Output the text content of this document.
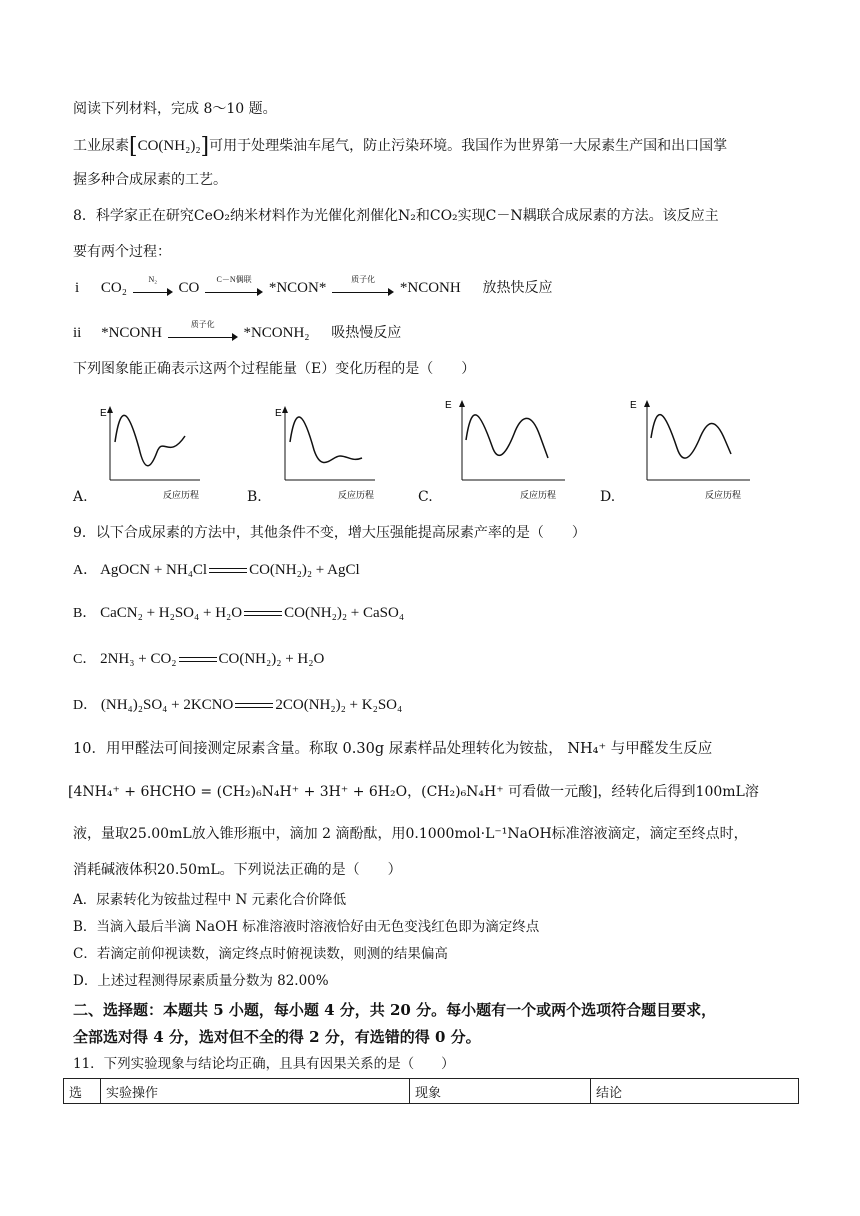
阅读下列材料，完成 8～10 题。
工业尿素[CO(NH₂)₂]可用于处理柴油车尾气，防止污染环境。我国作为世界第一大尿素生产国和出口国掌
握多种合成尿素的工艺。
8．科学家正在研究CeO₂纳米材料作为光催化剂催化N₂和CO₂实现C－N耦联合成尿素的方法。该反应主
要有两个过程：
i CO₂
N₂
CO
C－N偶联
*NCON*
质子化
*NCONH 放热快反应
ii *NCONH
质子化
*NCONH₂ 吸热慢反应
下列图象能正确表示这两个过程能量（E）变化历程的是（　　）
A.
E
反应历程	B.
E
反应历程	C.
E
反应历程	D.
E
反应历程
9．以下合成尿素的方法中，其他条件不变，增大压强能提高尿素产率的是（　　）
A． AgOCN + NH₄Cl	CO(NH₂)₂ + AgCl
B． CaCN₂ + H₂SO₄ + H₂O	CO(NH₂)₂ + CaSO₄
C． 2NH₃ + CO₂	CO(NH₂)₂ + H₂O
D． (NH₄)₂SO₄ + 2KCNO	2CO(NH₂)₂ + K₂SO₄
10．用甲醛法可间接测定尿素含量。称取 0.30g 尿素样品处理转化为铵盐， NH₄⁺ 与甲醛发生反应
[4NH₄⁺ + 6HCHO = (CH₂)₆N₄H⁺ + 3H⁺ + 6H₂O，(CH₂)₆N₄H⁺ 可看做一元酸]，经转化后得到100mL溶
液，量取25.00mL放入锥形瓶中，滴加 2 滴酚酞，用0.1000mol·L⁻¹NaOH标准溶液滴定，滴定至终点时，
消耗碱液体积20.50mL。下列说法正确的是（　　）
A．尿素转化为铵盐过程中 N 元素化合价降低
B．当滴入最后半滴 NaOH 标准溶液时溶液恰好由无色变浅红色即为滴定终点
C．若滴定前仰视读数，滴定终点时俯视读数，则测的结果偏高
D．上述过程测得尿素质量分数为 82.00%
二、选择题：本题共 5 小题，每小题 4 分，共 20 分。每小题有一个或两个选项符合题目要求，
全部选对得 4 分，选对但不全的得 2 分，有选错的得 0 分。
11．下列实验现象与结论均正确，且具有因果关系的是（　　）
选	实验操作	现象	结论
